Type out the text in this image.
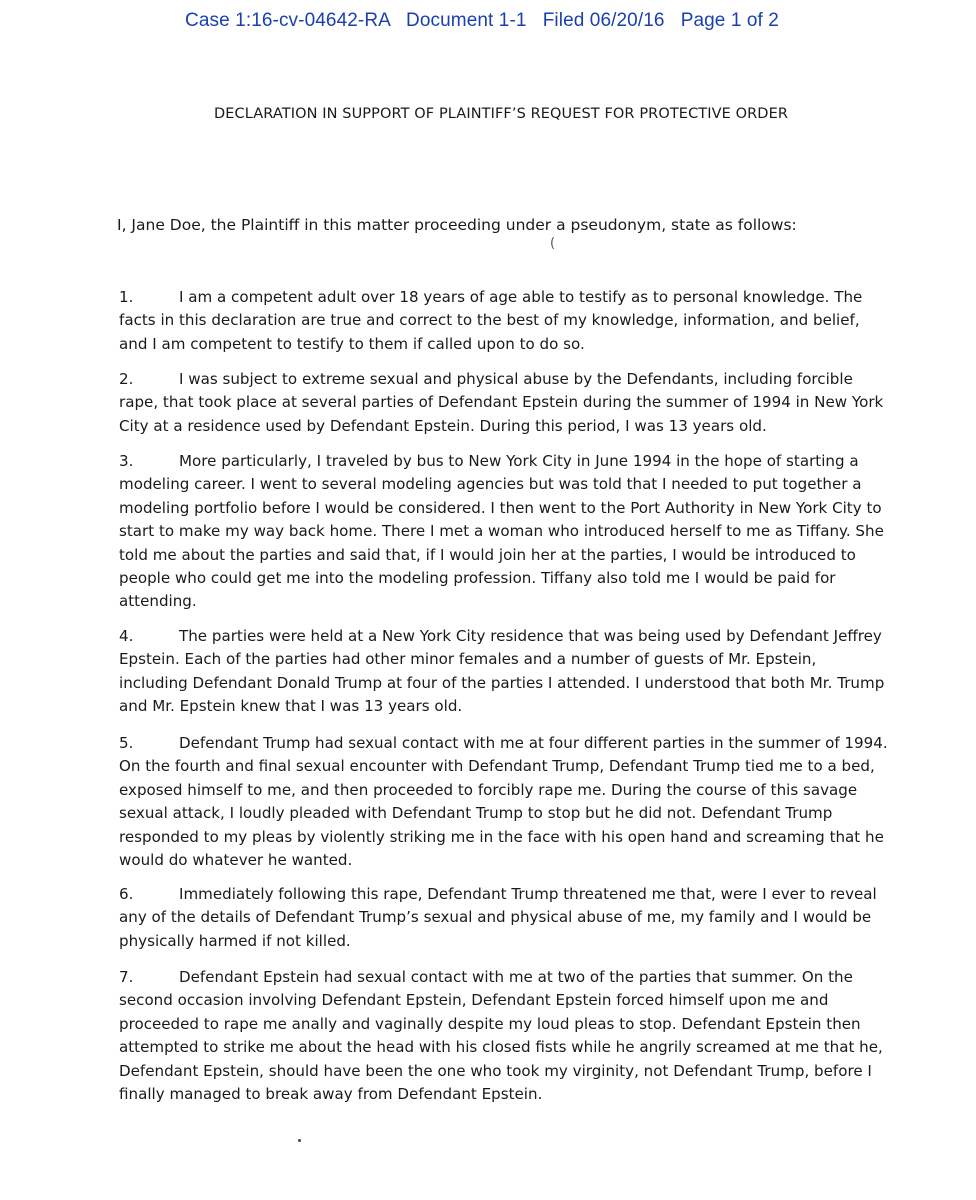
Case 1:16-cv-04642-RA Document 1-1 Filed 06/20/16 Page 1 of 2
DECLARATION IN SUPPORT OF PLAINTIFF’S REQUEST FOR PROTECTIVE ORDER
I, Jane Doe, the Plaintiff in this matter proceeding under a pseudonym, state as follows:
(
1.	I am a competent adult over 18 years of age able to testify as to personal knowledge. The facts in this declaration are true and correct to the best of my knowledge, information, and belief, and I am competent to testify to them if called upon to do so.
2.	I was subject to extreme sexual and physical abuse by the Defendants, including forcible rape, that took place at several parties of Defendant Epstein during the summer of 1994 in New York City at a residence used by Defendant Epstein. During this period, I was 13 years old.
3.	More particularly, I traveled by bus to New York City in June 1994 in the hope of starting a modeling career. I went to several modeling agencies but was told that I needed to put together a modeling portfolio before I would be considered. I then went to the Port Authority in New York City to start to make my way back home. There I met a woman who introduced herself to me as Tiffany. She told me about the parties and said that, if I would join her at the parties, I would be introduced to people who could get me into the modeling profession. Tiffany also told me I would be paid for attending.
4.	The parties were held at a New York City residence that was being used by Defendant Jeffrey Epstein. Each of the parties had other minor females and a number of guests of Mr. Epstein, including Defendant Donald Trump at four of the parties I attended. I understood that both Mr. Trump and Mr. Epstein knew that I was 13 years old.
5.	Defendant Trump had sexual contact with me at four different parties in the summer of 1994. On the fourth and final sexual encounter with Defendant Trump, Defendant Trump tied me to a bed, exposed himself to me, and then proceeded to forcibly rape me. During the course of this savage sexual attack, I loudly pleaded with Defendant Trump to stop but he did not. Defendant Trump responded to my pleas by violently striking me in the face with his open hand and screaming that he would do whatever he wanted.
6.	Immediately following this rape, Defendant Trump threatened me that, were I ever to reveal any of the details of Defendant Trump’s sexual and physical abuse of me, my family and I would be physically harmed if not killed.
7.	Defendant Epstein had sexual contact with me at two of the parties that summer. On the second occasion involving Defendant Epstein, Defendant Epstein forced himself upon me and proceeded to rape me anally and vaginally despite my loud pleas to stop. Defendant Epstein then attempted to strike me about the head with his closed fists while he angrily screamed at me that he, Defendant Epstein, should have been the one who took my virginity, not Defendant Trump, before I finally managed to break away from Defendant Epstein.
